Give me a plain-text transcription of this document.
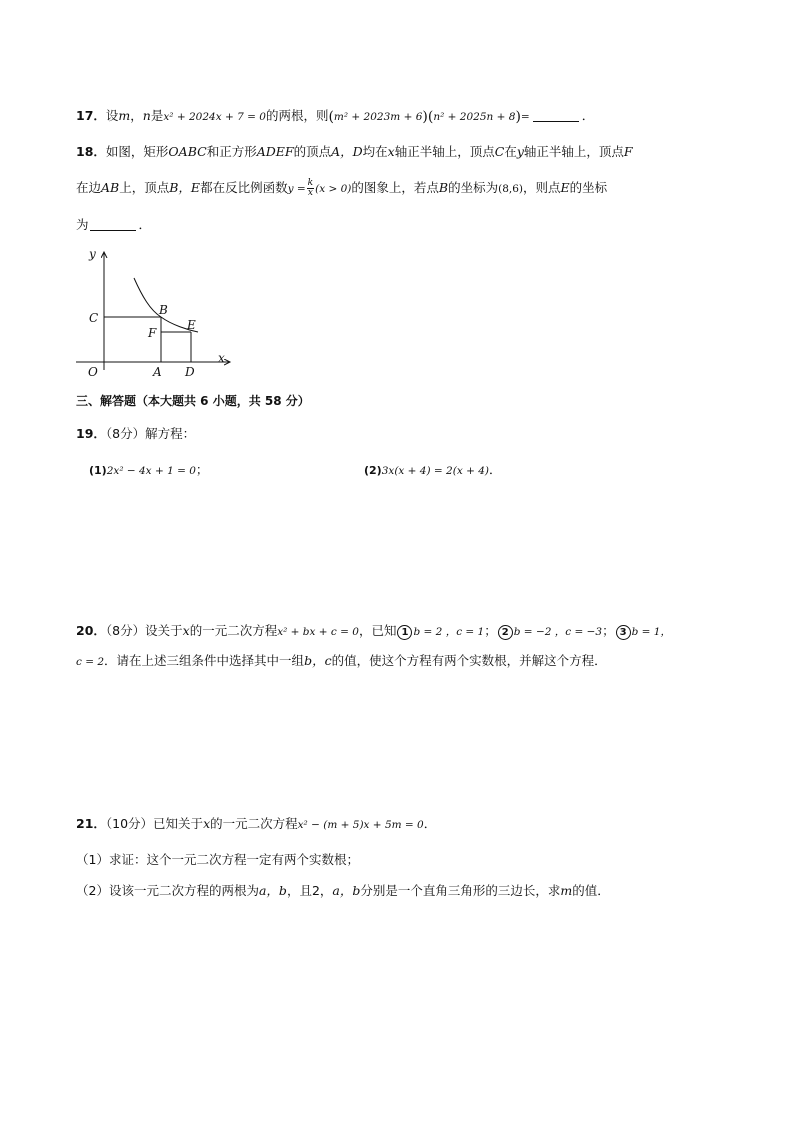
17．设m，n是x² + 2024x + 7 = 0的两根，则(m² + 2023m + 6)(n² + 2025n + 8)=	．
18．如图，矩形OABC和正方形ADEF的顶点A，D均在x轴正半轴上，顶点C在y轴正半轴上，顶点F
在边AB上，顶点B，E都在反比例函数$y = \frac{k}{x} (x > 0)$的图象上，若点B的坐标为(8,6)，则点E的坐标
为	．
y
x
O
C
B
E
F
A D
三、解答题（本大题共 6 小题，共 58 分）
19．（8分）解方程：
(1)2x² − 4x + 1 = 0；	(2)3x(x + 4) = 2(x + 4)．
20．（8分）设关于x的一元二次方程x² + bx + c = 0，已知 1 b = 2 ，c = 1； 2 b = −2 ，c = −3； 3 b = 1，
c = 2．请在上述三组条件中选择其中一组b，c的值，使这个方程有两个实数根，并解这个方程．
21．（10分）已知关于x的一元二次方程x² − (m + 5)x + 5m = 0．
（1）求证：这个一元二次方程一定有两个实数根；
（2）设该一元二次方程的两根为a，b，且2，a，b分别是一个直角三角形的三边长，求m的值．
